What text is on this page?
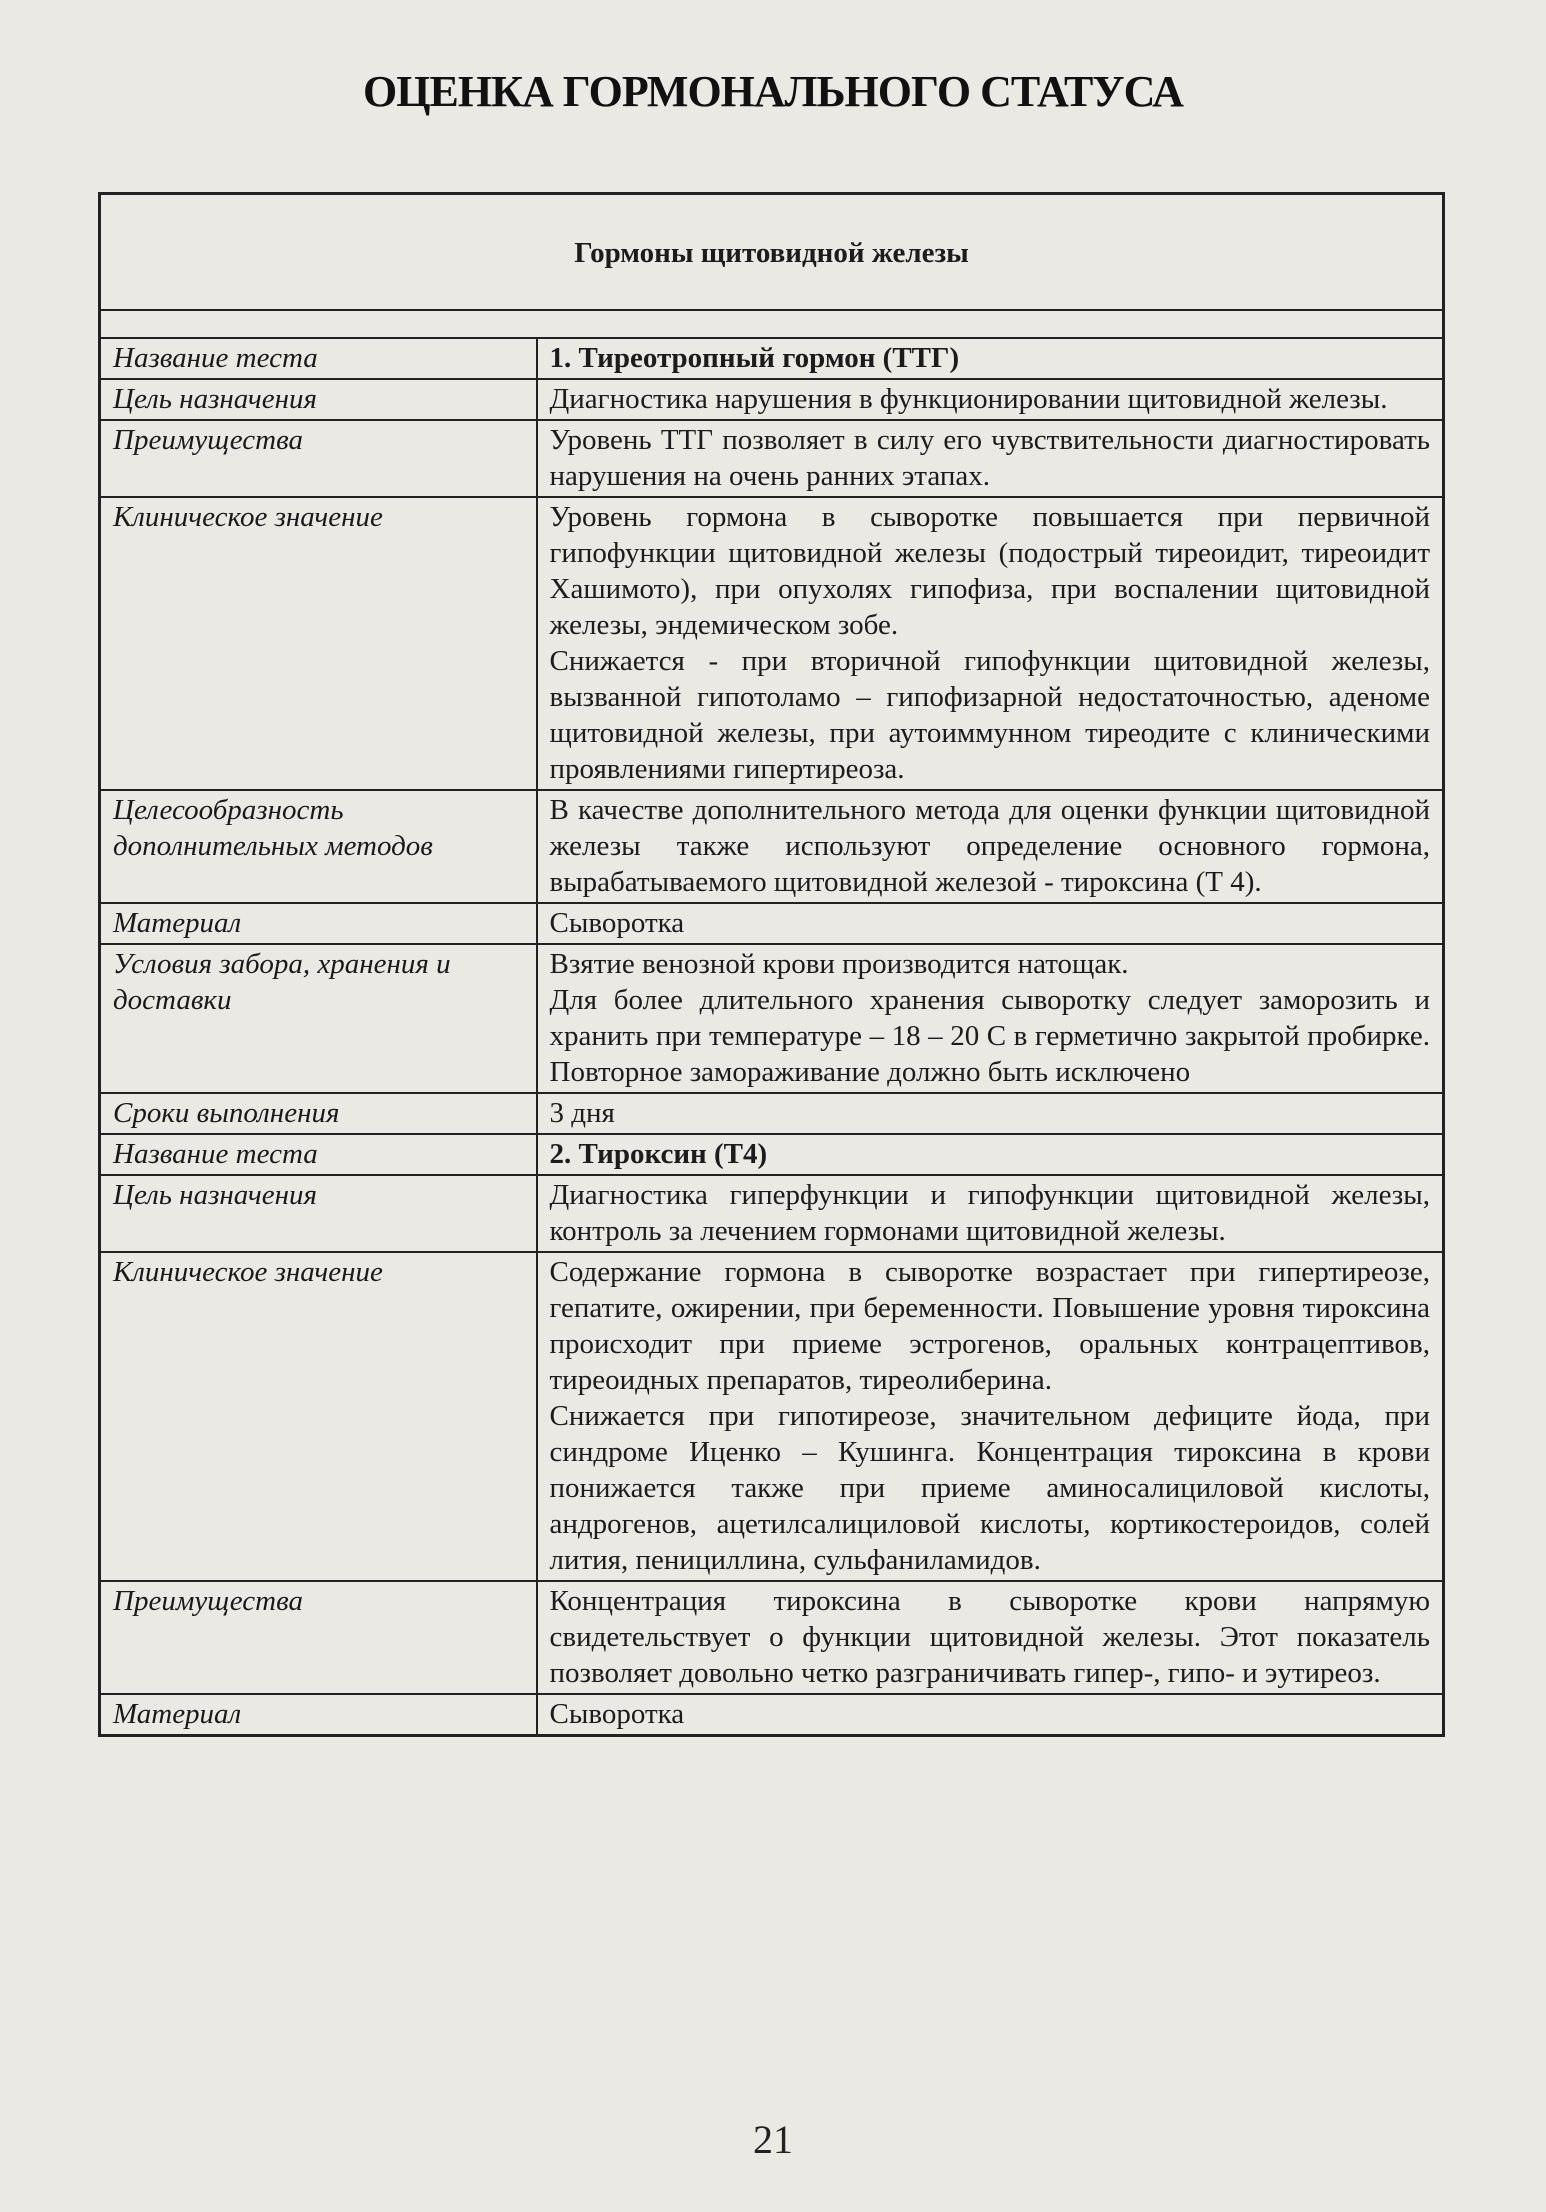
ОЦЕНКА ГОРМОНАЛЬНОГО СТАТУСА
Гормоны щитовидной железы	

Название теста	1. Тиреотропный гормон (ТТГ)
Цель назначения	Диагностика нарушения в функционировании щитовидной железы.
Преимущества	Уровень ТТГ позволяет в силу его чувствительности диагностировать нарушения на очень ранних этапах.
Клиническое значение	Уровень гормона в сыворотке повышается при первичной гипофункции щитовидной железы (подострый тиреоидит, тиреоидит Хашимото), при опухолях гипофиза, при воспалении щитовидной железы, эндемическом зобе.

Снижается - при вторичной гипофункции щитовидной железы, вызванной гипотоламо – гипофизарной недостаточностью, аденоме щитовидной железы, при аутоиммунном тиреодите с клиническими проявлениями гипертиреоза.

Целесообразность дополнительных методов	В качестве дополнительного метода для оценки функции щитовидной железы также используют определение основного гормона, вырабатываемого щитовидной железой - тироксина (Т 4).
Материал	Сыворотка
Условия забора, хранения и доставки	Взятие венозной крови производится натощак.

Для более длительного хранения сыворотку следует заморозить и хранить при температуре – 18 – 20 С в герметично закрытой пробирке. Повторное замораживание должно быть исключено

Сроки выполнения	3 дня
Название теста	2. Тироксин (Т4)
Цель назначения	Диагностика гиперфункции и гипофункции щитовидной железы, контроль за лечением гормонами щитовидной железы.
Клиническое значение	Содержание гормона в сыворотке возрастает при гипертиреозе, гепатите, ожирении, при беременности. Повышение уровня тироксина происходит при приеме эстрогенов, оральных контрацептивов, тиреоидных препаратов, тиреолиберина.

Снижается при гипотиреозе, значительном дефиците йода, при синдроме Иценко – Кушинга. Концентрация тироксина в крови понижается также при приеме аминосалициловой кислоты, андрогенов, ацетилсалициловой кислоты, кортикостероидов, солей лития, пенициллина, сульфаниламидов.

Преимущества	Концентрация тироксина в сыворотке крови напрямую свидетельствует о функции щитовидной железы. Этот показатель позволяет довольно четко разграничивать гипер-, гипо- и эутиреоз.
Материал	Сыворотка
21
